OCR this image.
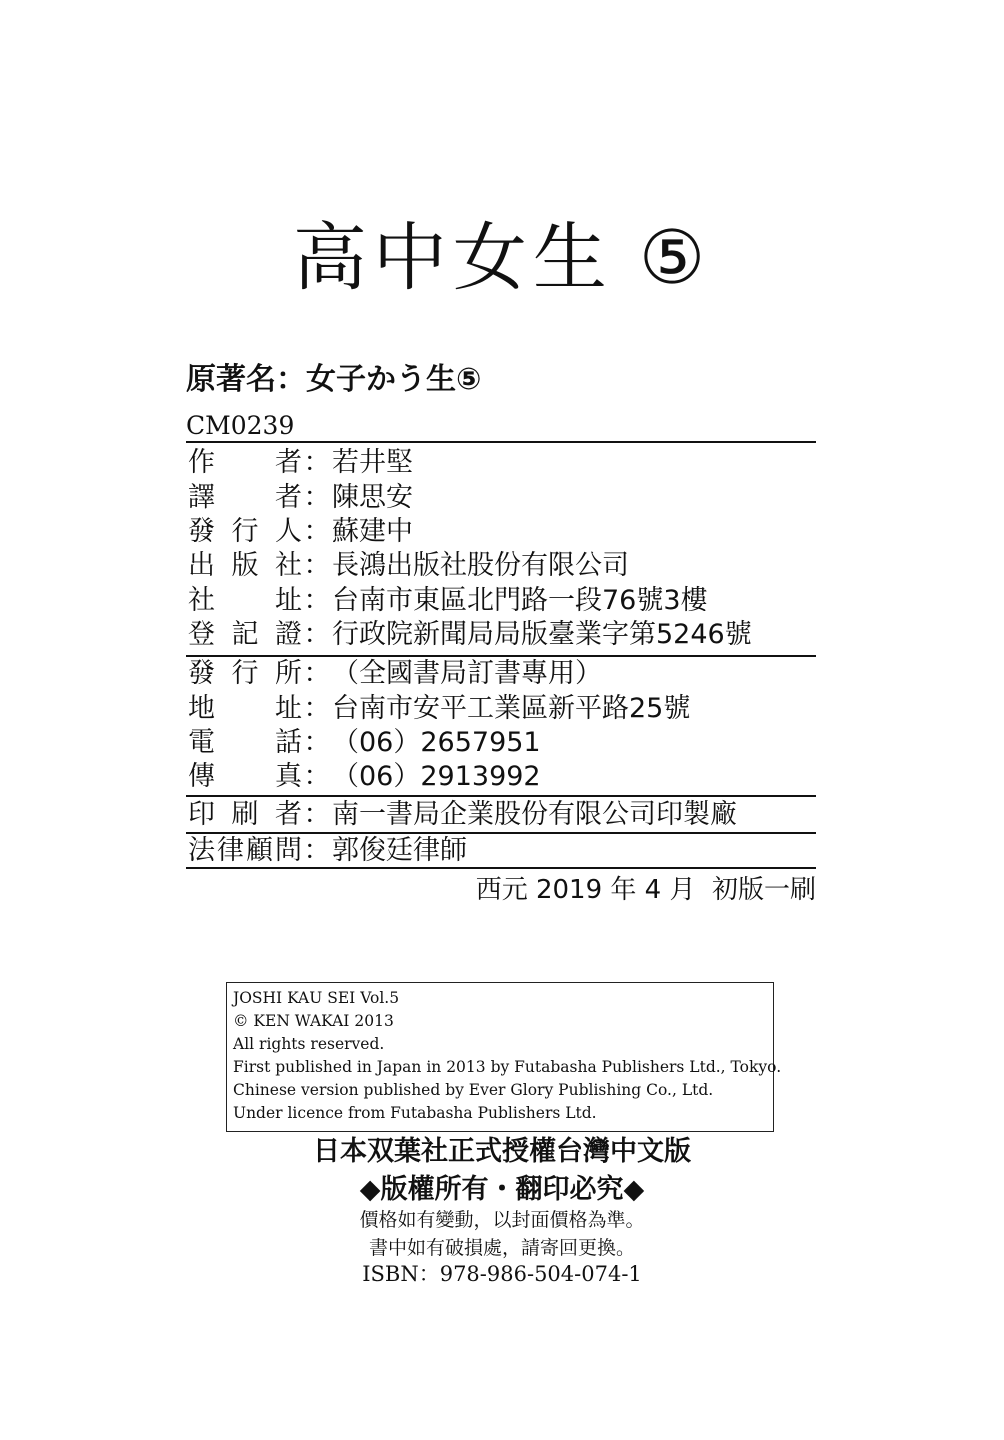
高中女生 ⑤
原著名：女子かう生⑤
CM0239
作 者 ：若井堅
譯 者 ：陳思安
發 行 人 ：蘇建中
出 版 社 ：長鴻出版社股份有限公司
社 址 ：台南市東區北門路一段76號3樓
登 記 證 ：行政院新聞局局版臺業字第5246號
發 行 所 ：（全國書局訂書專用）
地 址 ：台南市安平工業區新平路25號
電 話 ：（06）2657951
傳 真 ：（06）2913992
印 刷 者 ：南一書局企業股份有限公司印製廠
法 律 顧 問 ：郭俊廷律師
西元 2019 年 4 月  初版一刷
JOSHI KAU SEI Vol.5
© KEN WAKAI 2013
All rights reserved.
First published in Japan in 2013 by Futabasha Publishers Ltd., Tokyo.
Chinese version published by Ever Glory Publishing Co., Ltd.
Under licence from Futabasha Publishers Ltd.
日本双葉社正式授權台灣中文版
◆版權所有・翻印必究◆
價格如有變動，以封面價格為準。
書中如有破損處，請寄回更換。
ISBN：978-986-504-074-1
